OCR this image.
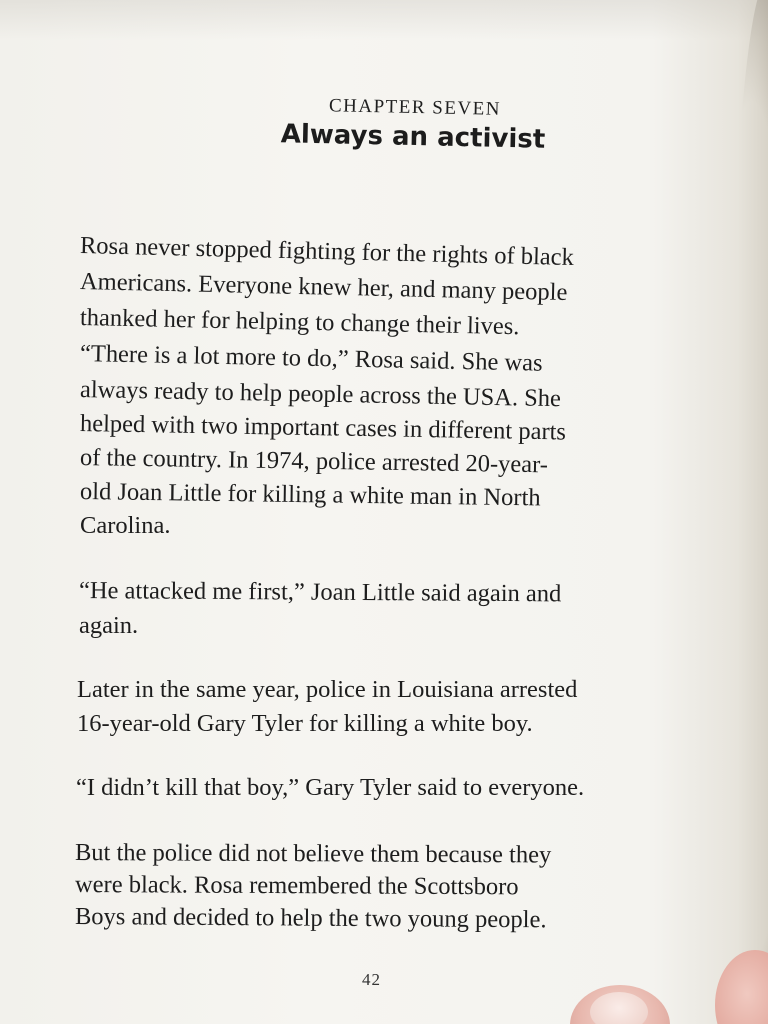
CHAPTER SEVEN
Always an activist
Rosa never stopped fighting for the rights of black
Americans. Everyone knew her, and many people
thanked her for helping to change their lives.
“There is a lot more to do,” Rosa said. She was
always ready to help people across the USA. She
helped with two important cases in different parts
of the country. In 1974, police arrested 20-year-
old Joan Little for killing a white man in North
Carolina.
“He attacked me first,” Joan Little said again and
again.
Later in the same year, police in Louisiana arrested
16-year-old Gary Tyler for killing a white boy.
“I didn’t kill that boy,” Gary Tyler said to everyone.
But the police did not believe them because they
were black. Rosa remembered the Scottsboro
Boys and decided to help the two young people.
42
